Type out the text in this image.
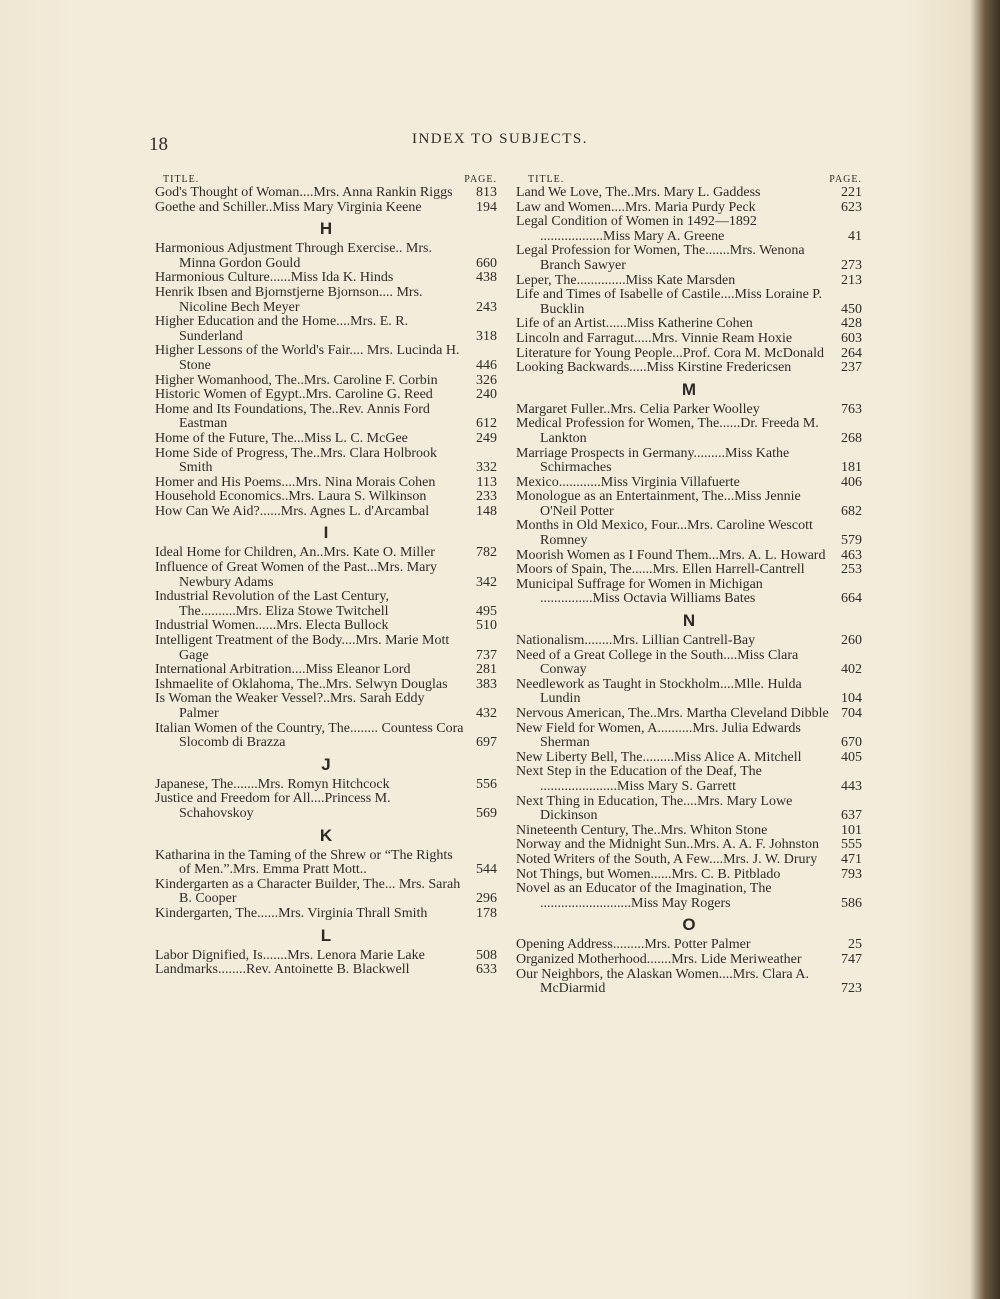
18	INDEX TO SUBJECTS.
TITLE.	PAGE.
God's Thought of Woman....Mrs. Anna Rankin Riggs	813
Goethe and Schiller..Miss Mary Virginia Keene	194
H
Harmonious Adjustment Through Exercise.. Mrs. Minna Gordon Gould	660
Harmonious Culture......Miss Ida K. Hinds	438
Henrik Ibsen and Bjornstjerne Bjornson.... Mrs. Nicoline Bech Meyer	243
Higher Education and the Home....Mrs. E. R. Sunderland	318
Higher Lessons of the World's Fair.... Mrs. Lucinda H. Stone	446
Higher Womanhood, The..Mrs. Caroline F. Corbin	326
Historic Women of Egypt..Mrs. Caroline G. Reed	240
Home and Its Foundations, The..Rev. Annis Ford Eastman	612
Home of the Future, The...Miss L. C. McGee	249
Home Side of Progress, The..Mrs. Clara Holbrook Smith	332
Homer and His Poems....Mrs. Nina Morais Cohen	113
Household Economics..Mrs. Laura S. Wilkinson	233
How Can We Aid?......Mrs. Agnes L. d'Arcambal	148
I
Ideal Home for Children, An..Mrs. Kate O. Miller	782
Influence of Great Women of the Past...Mrs. Mary Newbury Adams	342
Industrial Revolution of the Last Century, The..........Mrs. Eliza Stowe Twitchell	495
Industrial Women......Mrs. Electa Bullock	510
Intelligent Treatment of the Body....Mrs. Marie Mott Gage	737
International Arbitration....Miss Eleanor Lord	281
Ishmaelite of Oklahoma, The..Mrs. Selwyn Douglas	383
Is Woman the Weaker Vessel?..Mrs. Sarah Eddy Palmer	432
Italian Women of the Country, The........ Countess Cora Slocomb di Brazza	697
J
Japanese, The.......Mrs. Romyn Hitchcock	556
Justice and Freedom for All....Princess M. Schahovskoy	569
K
Katharina in the Taming of the Shrew or “The Rights of Men.”.Mrs. Emma Pratt Mott..	544
Kindergarten as a Character Builder, The... Mrs. Sarah B. Cooper	296
Kindergarten, The......Mrs. Virginia Thrall Smith	178
L
Labor Dignified, Is.......Mrs. Lenora Marie Lake	508
Landmarks........Rev. Antoinette B. Blackwell	633
TITLE.	PAGE.
Land We Love, The..Mrs. Mary L. Gaddess	221
Law and Women....Mrs. Maria Purdy Peck	623
Legal Condition of Women in 1492—1892 ..................Miss Mary A. Greene	41
Legal Profession for Women, The.......Mrs. Wenona Branch Sawyer	273
Leper, The..............Miss Kate Marsden	213
Life and Times of Isabelle of Castile....Miss Loraine P. Bucklin	450
Life of an Artist......Miss Katherine Cohen	428
Lincoln and Farragut.....Mrs. Vinnie Ream Hoxie	603
Literature for Young People...Prof. Cora M. McDonald	264
Looking Backwards.....Miss Kirstine Fredericsen	237
M
Margaret Fuller..Mrs. Celia Parker Woolley	763
Medical Profession for Women, The......Dr. Freeda M. Lankton	268
Marriage Prospects in Germany.........Miss Kathe Schirmaches	181
Mexico............Miss Virginia Villafuerte	406
Monologue as an Entertainment, The...Miss Jennie O'Neil Potter	682
Months in Old Mexico, Four...Mrs. Caroline Wescott Romney	579
Moorish Women as I Found Them...Mrs. A. L. Howard	463
Moors of Spain, The......Mrs. Ellen Harrell-Cantrell	253
Municipal Suffrage for Women in Michigan ...............Miss Octavia Williams Bates	664
N
Nationalism........Mrs. Lillian Cantrell-Bay	260
Need of a Great College in the South....Miss Clara Conway	402
Needlework as Taught in Stockholm....Mlle. Hulda Lundin	104
Nervous American, The..Mrs. Martha Cleveland Dibble 704
New Field for Women, A..........Mrs. Julia Edwards Sherman	670
New Liberty Bell, The.........Miss Alice A. Mitchell	405
Next Step in the Education of the Deaf, The ......................Miss Mary S. Garrett	443
Next Thing in Education, The....Mrs. Mary Lowe Dickinson	637
Nineteenth Century, The..Mrs. Whiton Stone	101
Norway and the Midnight Sun..Mrs. A. A. F. Johnston	555
Noted Writers of the South, A Few....Mrs. J. W. Drury	471
Not Things, but Women......Mrs. C. B. Pitblado	793
Novel as an Educator of the Imagination, The ..........................Miss May Rogers	586
O
Opening Address.........Mrs. Potter Palmer	25
Organized Motherhood.......Mrs. Lide Meriweather	747
Our Neighbors, the Alaskan Women....Mrs. Clara A. McDiarmid	723
